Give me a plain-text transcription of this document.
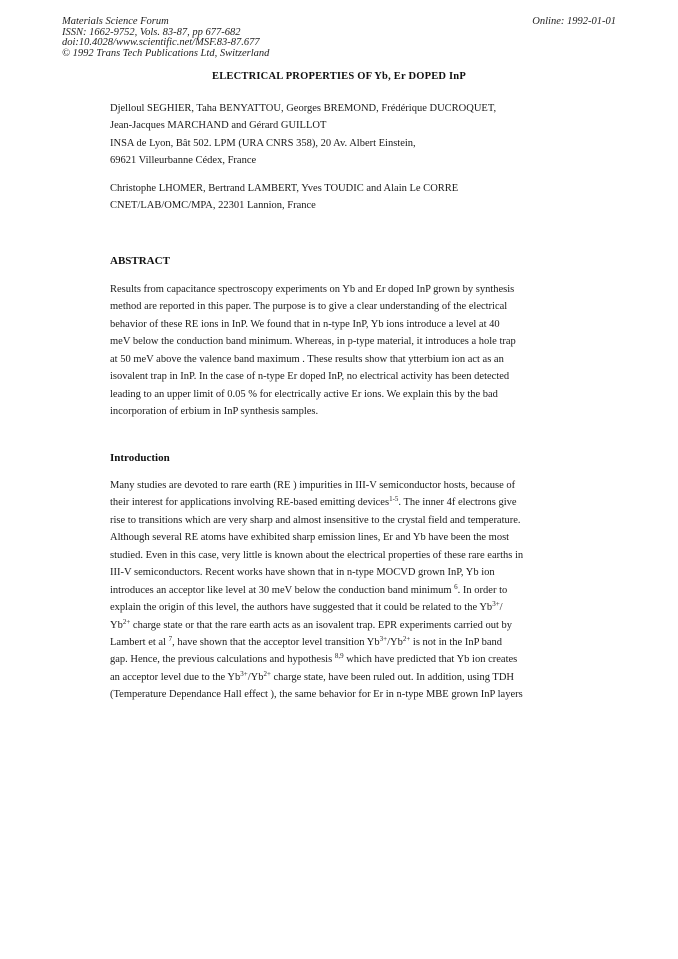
Materials Science Forum
ISSN: 1662-9752, Vols. 83-87, pp 677-682
doi:10.4028/www.scientific.net/MSF.83-87.677
© 1992 Trans Tech Publications Ltd, Switzerland
Online: 1992-01-01
ELECTRICAL PROPERTIES OF Yb, Er DOPED InP
Djelloul SEGHIER, Taha BENYATTOU, Georges BREMOND, Frédérique DUCROQUET,
Jean-Jacques MARCHAND and Gérard GUILLOT
INSA de Lyon, Bât 502. LPM (URA CNRS 358), 20 Av. Albert Einstein,
69621 Villeurbanne Cédex, France
Christophe LHOMER, Bertrand LAMBERT, Yves TOUDIC and Alain Le CORRE
CNET/LAB/OMC/MPA, 22301 Lannion, France
ABSTRACT
Results from capacitance spectroscopy experiments on Yb and Er doped InP grown by synthesis
method are reported in this paper. The purpose is to give a clear understanding of the electrical
behavior of these RE ions in InP. We found that in n-type InP, Yb ions introduce a level at 40
meV below the conduction band minimum. Whereas, in p-type material, it introduces a hole trap
at 50 meV above the valence band maximum . These results show that ytterbium ion act as an
isovalent trap in InP. In the case of n-type Er doped InP, no electrical activity has been detected
leading to an upper limit of 0.05 % for electrically active Er ions. We explain this by the bad
incorporation of erbium in InP synthesis samples.
Introduction
Many studies are devoted to rare earth (RE ) impurities in III-V semiconductor hosts, because of
their interest for applications involving RE-based emitting devices$^{1-5}$. The inner 4f electrons give
rise to transitions which are very sharp and almost insensitive to the crystal field and temperature.
Although several RE atoms have exhibited sharp emission lines, Er and Yb have been the most
studied. Even in this case, very little is known about the electrical properties of these rare earths in
III-V semiconductors. Recent works have shown that in n-type MOCVD grown InP, Yb ion
introduces an acceptor like level at 30 meV below the conduction band minimum $^6$. In order to
explain the origin of this level, the authors have suggested that it could be related to the $Yb^{3+}/$
$Yb^{2+}$ charge state or that the rare earth acts as an isovalent trap. EPR experiments carried out by
Lambert et al $^7$, have shown that the acceptor level transition $Yb^{3+}/Yb^{2+}$ is not in the InP band
gap. Hence, the previous calculations and hypothesis $^{8,9}$ which have predicted that Yb ion creates
an acceptor level due to the $Yb^{3+}/Yb^{2+}$ charge state, have been ruled out. In addition, using TDH
(Temperature Dependance Hall effect ), the same behavior for Er in n-type MBE grown InP layers
